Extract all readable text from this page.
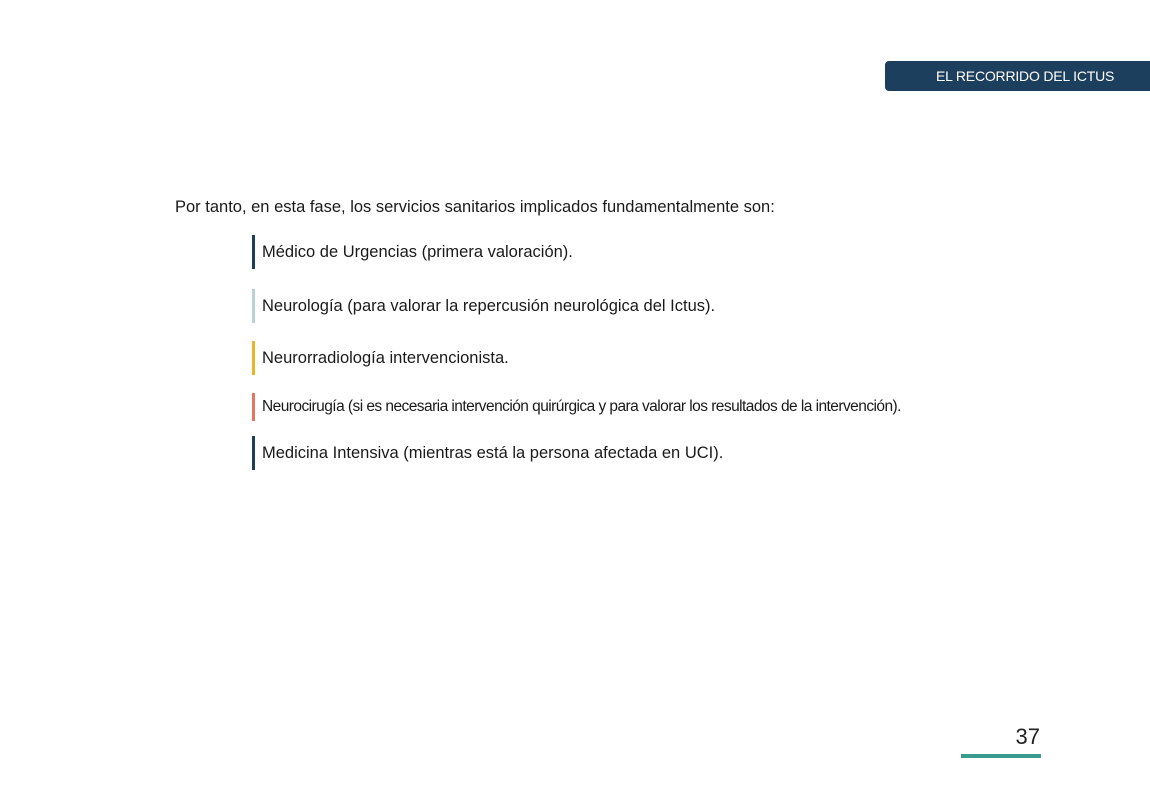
EL RECORRIDO DEL ICTUS
Por tanto, en esta fase, los servicios sanitarios implicados fundamentalmente son:
Médico de Urgencias (primera valoración).
Neurología (para valorar la repercusión neurológica del Ictus).
Neurorradiología intervencionista.
Neurocirugía (si es necesaria intervención quirúrgica y para valorar los resultados de la intervención).
Medicina Intensiva (mientras está la persona afectada en UCI).
37
